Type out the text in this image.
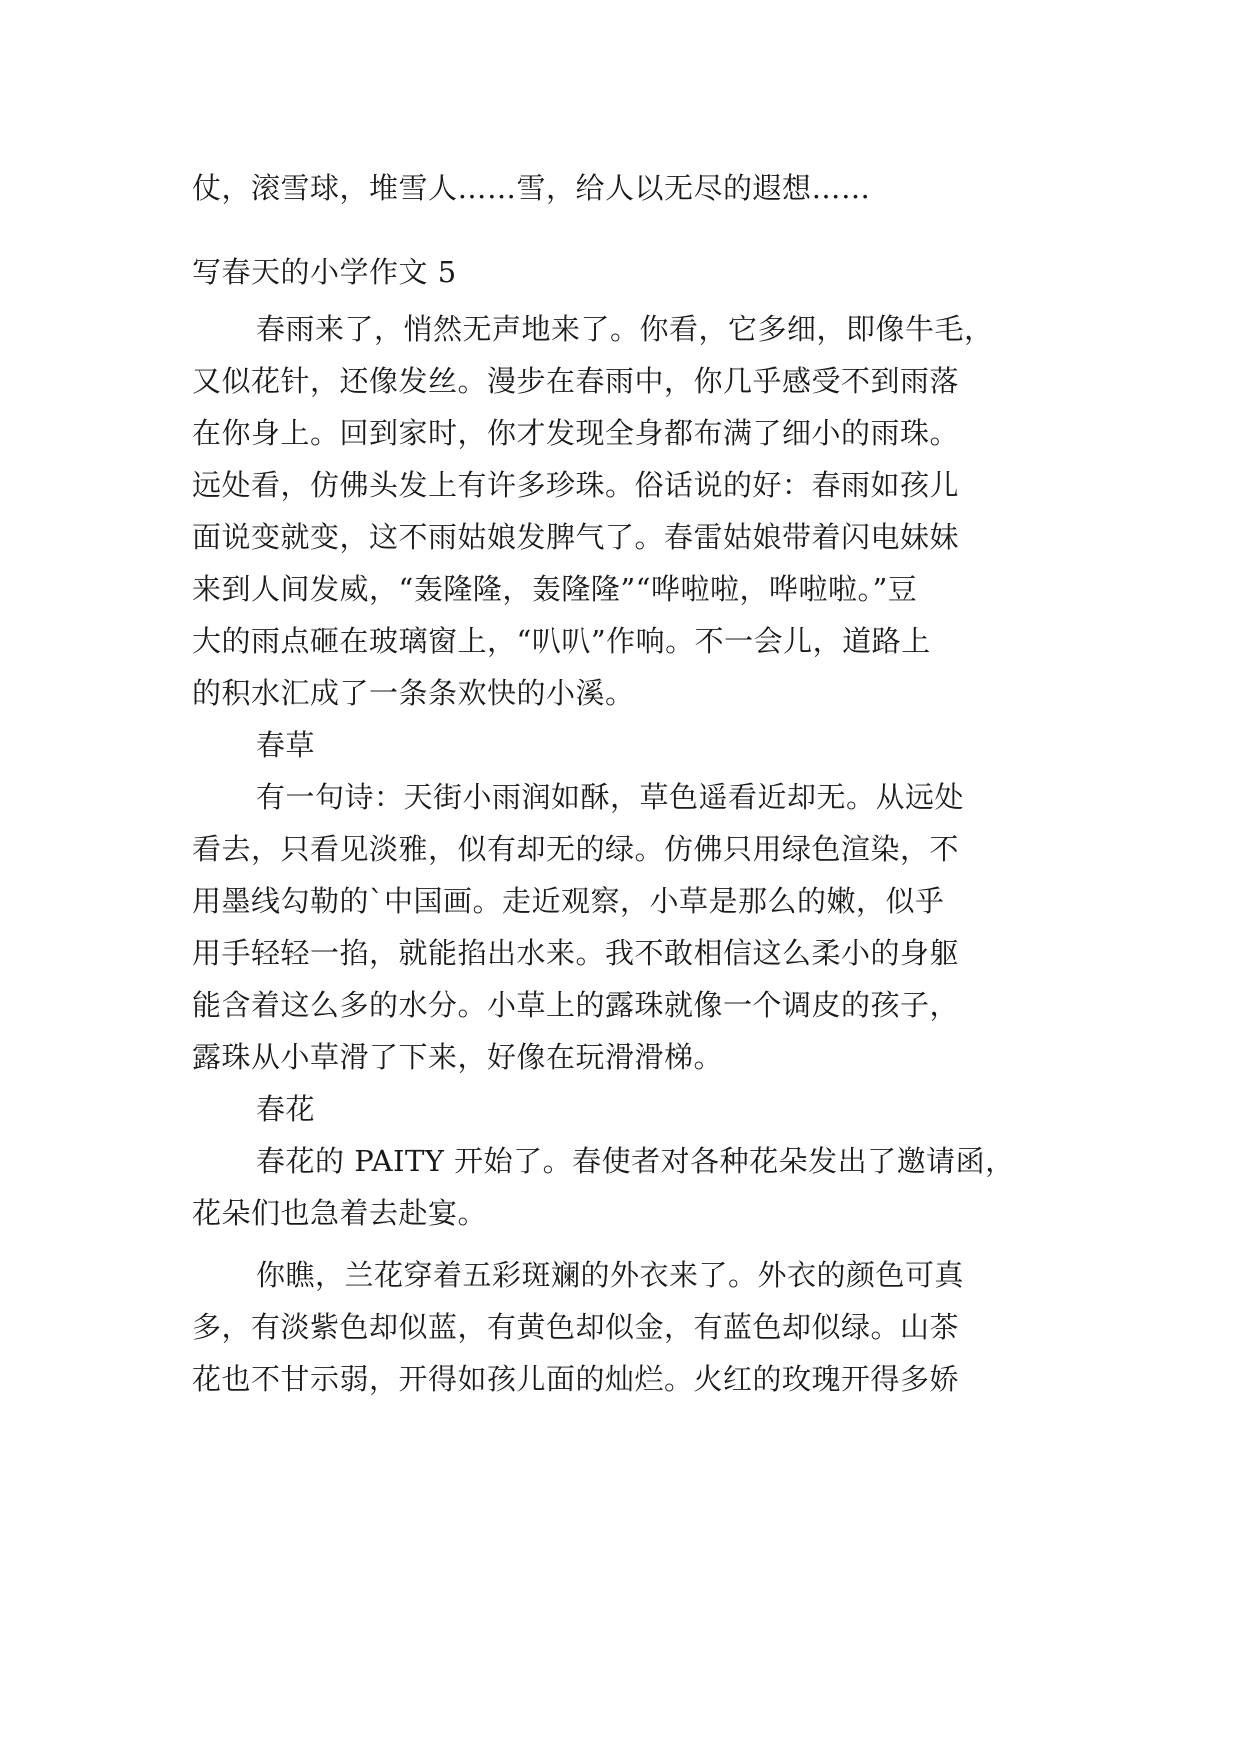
仗，滚雪球，堆雪人……雪，给人以无尽的遐想……
写春天的小学作文 5
春雨来了，悄然无声地来了。你看，它多细，即像牛毛，
又似花针，还像发丝。漫步在春雨中，你几乎感受不到雨落
在你身上。回到家时，你才发现全身都布满了细小的雨珠。
远处看，仿佛头发上有许多珍珠。俗话说的好：春雨如孩儿
面说变就变，这不雨姑娘发脾气了。春雷姑娘带着闪电妹妹
来到人间发威，“轰隆隆，轰隆隆”“哗啦啦，哗啦啦。”豆
大的雨点砸在玻璃窗上，“叭叭”作响。不一会儿，道路上
的积水汇成了一条条欢快的小溪。
春草
有一句诗：天街小雨润如酥，草色遥看近却无。从远处
看去，只看见淡雅，似有却无的绿。仿佛只用绿色渲染，不
用墨线勾勒的`中国画。走近观察，小草是那么的嫩，似乎
用手轻轻一掐，就能掐出水来。我不敢相信这么柔小的身躯
能含着这么多的水分。小草上的露珠就像一个调皮的孩子，
露珠从小草滑了下来，好像在玩滑滑梯。
春花
春花的 PAITY 开始了。春使者对各种花朵发出了邀请函，
花朵们也急着去赴宴。
你瞧，兰花穿着五彩斑斓的外衣来了。外衣的颜色可真
多，有淡紫色却似蓝，有黄色却似金，有蓝色却似绿。山茶
花也不甘示弱，开得如孩儿面的灿烂。火红的玫瑰开得多娇
